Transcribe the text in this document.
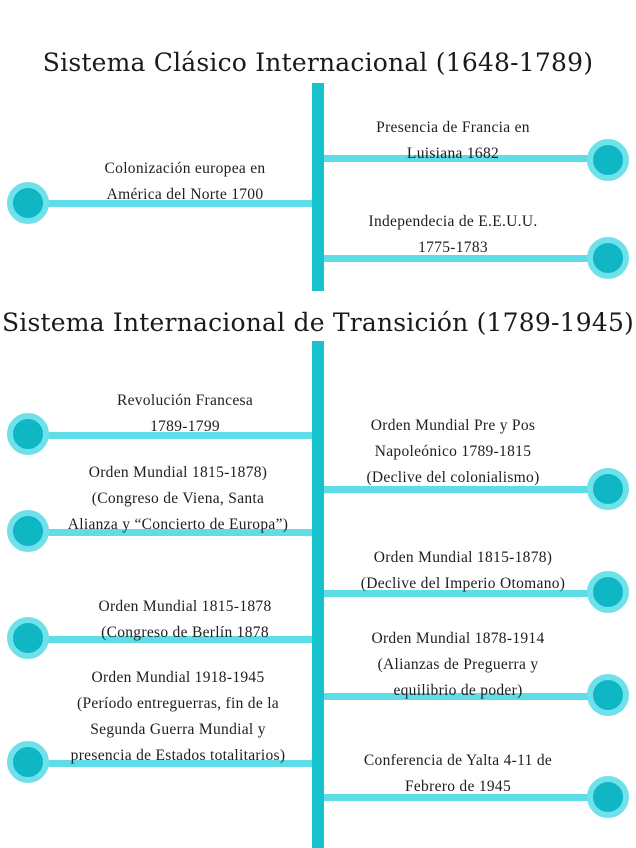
Sistema Clásico Internacional (1648-1789)
Colonización europea en
América del Norte 1700
Presencia de Francia en
Luisiana 1682
Independecia de E.E.U.U.
1775-1783
Sistema Internacional de Transición (1789-1945)
Revolución Francesa
1789-1799
Orden Mundial 1815-1878)
(Congreso de Viena, Santa
Alianza y “Concierto de Europa”)
Orden Mundial 1815-1878
(Congreso de Berlín 1878
Orden Mundial 1918-1945
(Período entreguerras, fin de la
Segunda Guerra Mundial y
presencia de Estados totalitarios)
Orden Mundial Pre y Pos
Napoleónico 1789-1815
(Declive del colonialismo)
Orden Mundial 1815-1878)
(Declive del Imperio Otomano)
Orden Mundial 1878-1914
(Alianzas de Preguerra y
equilibrio de poder)
Conferencia de Yalta 4-11 de
Febrero de 1945
